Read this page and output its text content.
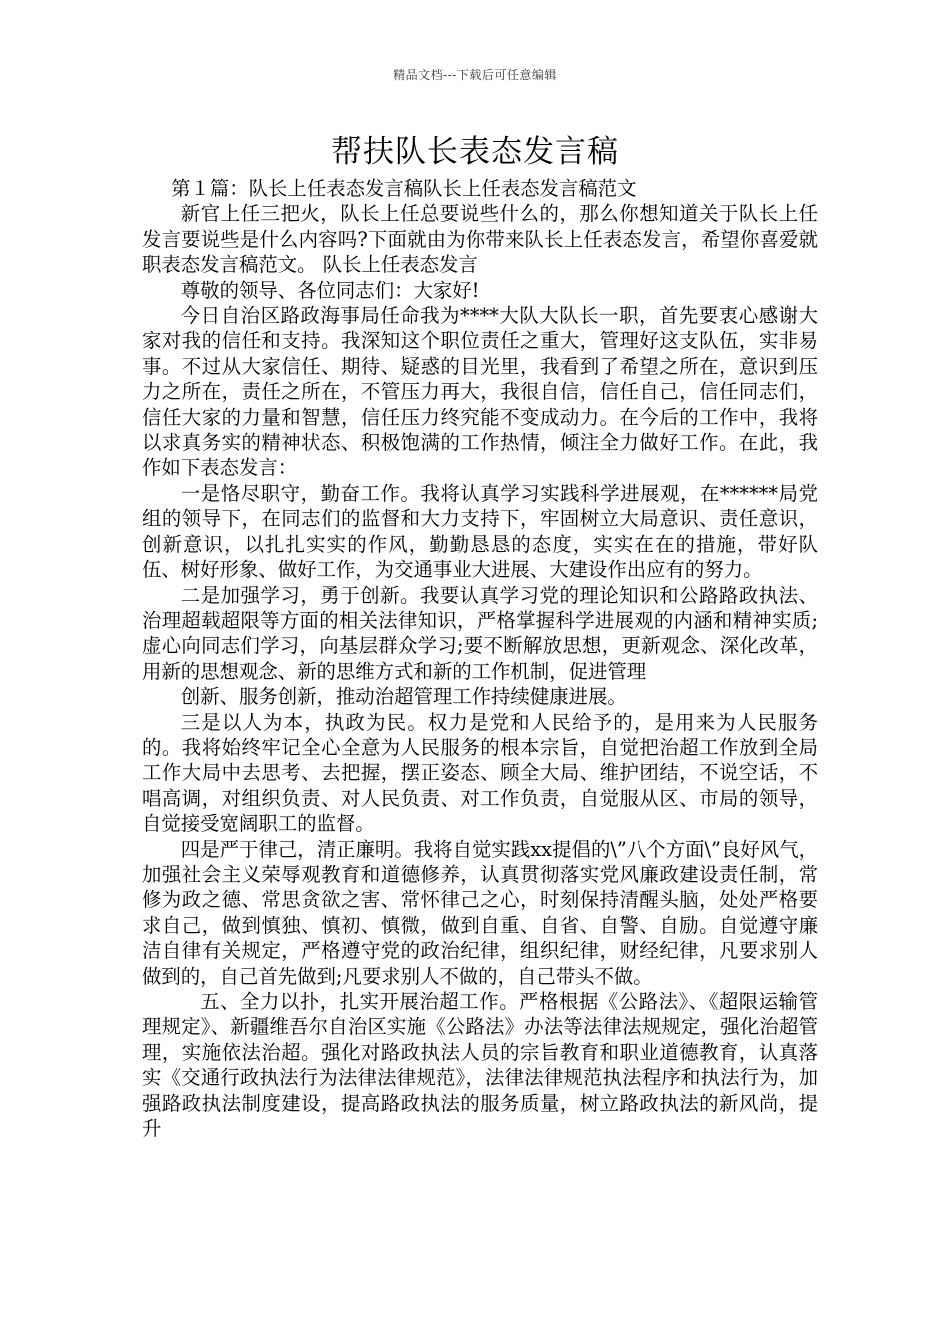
精品文档---下载后可任意编辑
帮扶队长表态发言稿

第１篇：队长上任表态发言稿队长上任表态发言稿范文

新官上任三把火，队长上任总要说些什么的，那么你想知道关于队长上任发言要说些是什么内容吗?下面就由为你带来队长上任表态发言，希望你喜爱就职表态发言稿范文。 队长上任表态发言

尊敬的领导、各位同志们：大家好!

今日自治区路政海事局任命我为****大队大队长一职，首先要衷心感谢大家对我的信任和支持。我深知这个职位责任之重大，管理好这支队伍，实非易事。不过从大家信任、期待、疑惑的目光里，我看到了希望之所在，意识到压力之所在，责任之所在，不管压力再大，我很自信，信任自己，信任同志们，信任大家的力量和智慧，信任压力终究能不变成动力。在今后的工作中，我将以求真务实的精神状态、积极饱满的工作热情，倾注全力做好工作。在此，我作如下表态发言：

一是恪尽职守，勤奋工作。我将认真学习实践科学进展观，在******局党组的领导下，在同志们的监督和大力支持下，牢固树立大局意识、责任意识，创新意识，以扎扎实实的作风，勤勤恳恳的态度，实实在在的措施，带好队伍、树好形象、做好工作，为交通事业大进展、大建设作出应有的努力。

二是加强学习，勇于创新。我要认真学习党的理论知识和公路路政执法、治理超载超限等方面的相关法律知识，严格掌握科学进展观的内涵和精神实质;虚心向同志们学习，向基层群众学习;要不断解放思想，更新观念、深化改革，用新的思想观念、新的思维方式和新的工作机制，促进管理

创新、服务创新，推动治超管理工作持续健康进展。

三是以人为本，执政为民。权力是党和人民给予的，是用来为人民服务的。我将始终牢记全心全意为人民服务的根本宗旨，自觉把治超工作放到全局工作大局中去思考、去把握，摆正姿态、顾全大局、维护团结，不说空话，不唱高调，对组织负责、对人民负责、对工作负责，自觉服从区、市局的领导，自觉接受宽阔职工的监督。

四是严于律己，清正廉明。我将自觉实践xx提倡的\”八个方面\”良好风气，加强社会主义荣辱观教育和道德修养，认真贯彻落实党风廉政建设责任制，常修为政之德、常思贪欲之害、常怀律己之心，时刻保持清醒头脑，处处严格要求自己，做到慎独、慎初、慎微，做到自重、自省、自警、自励。自觉遵守廉洁自律有关规定，严格遵守党的政治纪律，组织纪律，财经纪律，凡要求别人做到的，自己首先做到;凡要求别人不做的，自己带头不做。

五、全力以扑，扎实开展治超工作。严格根据《公路法》、《超限运输管理规定》、新疆维吾尔自治区实施《公路法》办法等法律法规规定，强化治超管理，实施依法治超。强化对路政执法人员的宗旨教育和职业道德教育，认真落实《交通行政执法行为法律法律规范》，法律法律规范执法程序和执法行为，加强路政执法制度建设，提高路政执法的服务质量，树立路政执法的新风尚，提升
